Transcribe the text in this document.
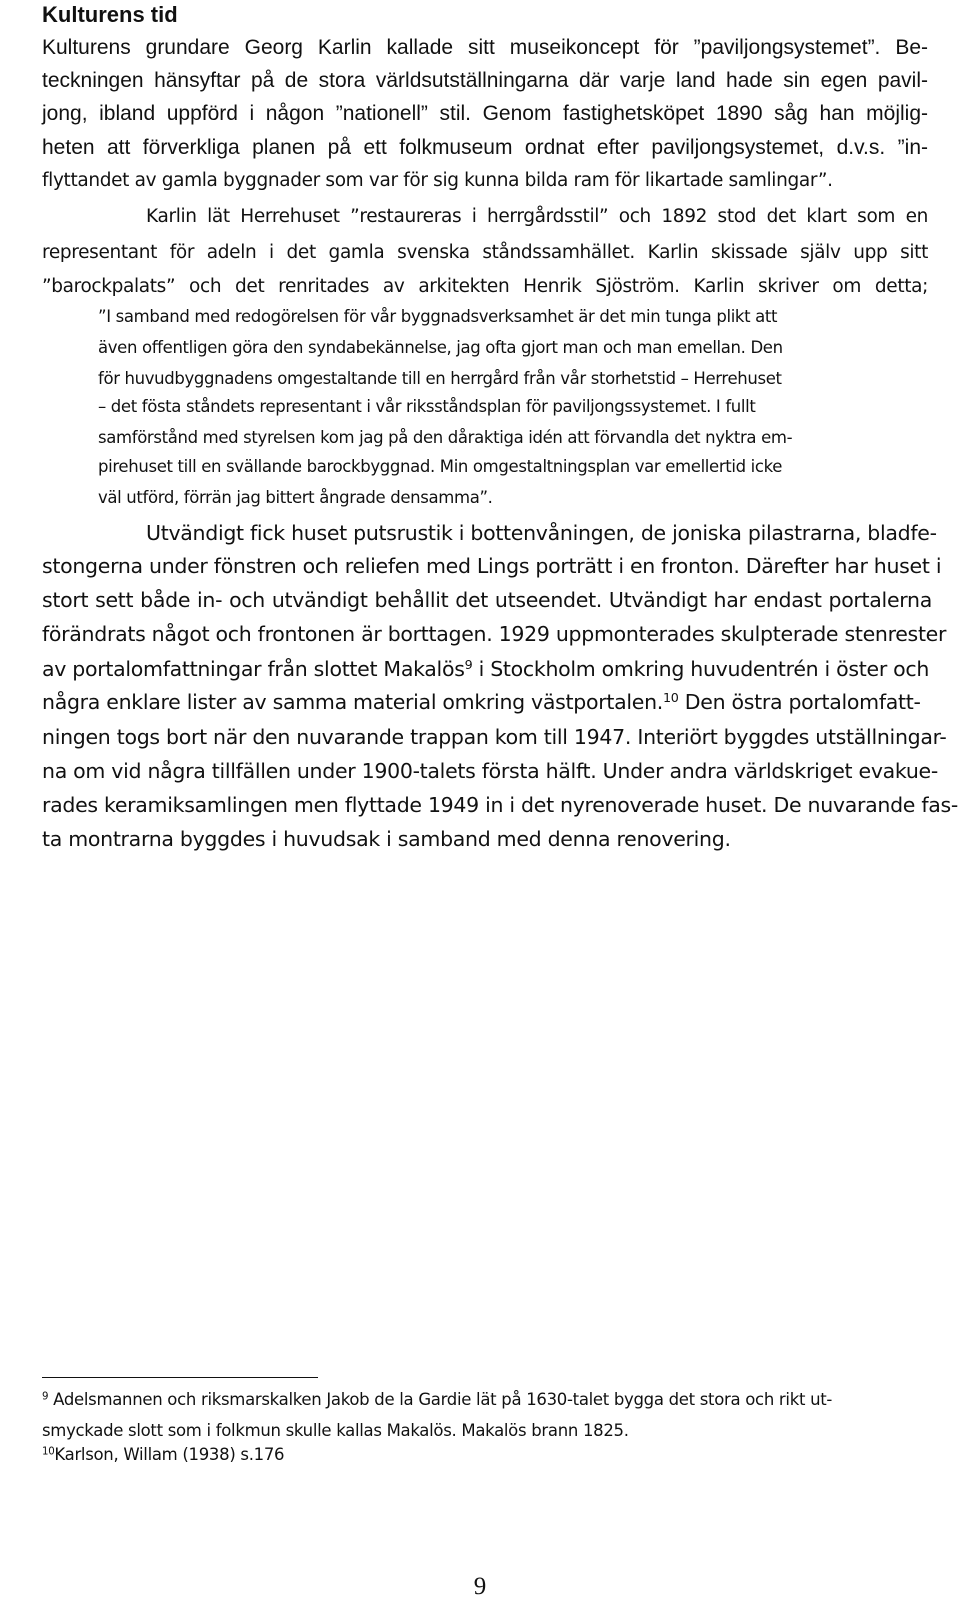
Kulturens tid
Kulturens grundare Georg Karlin kallade sitt museikoncept för ”paviljongsystemet”. Be-
teckningen hänsyftar på de stora världsutställningarna där varje land hade sin egen pavil-
jong, ibland uppförd i någon ”nationell” stil. Genom fastighetsköpet 1890 såg han möjlig-
heten att förverkliga planen på ett folkmuseum ordnat efter paviljongsystemet, d.v.s. ”in-
flyttandet av gamla byggnader som var för sig kunna bilda ram för likartade samlingar”.
Karlin lät Herrehuset ”restaureras i herrgårdsstil” och 1892 stod det klart som en
representant för adeln i det gamla svenska ståndssamhället. Karlin skissade själv upp sitt
”barockpalats” och det renritades av arkitekten Henrik Sjöström. Karlin skriver om detta;
”I samband med redogörelsen för vår byggnadsverksamhet är det min tunga plikt att
även offentligen göra den syndabekännelse, jag ofta gjort man och man emellan. Den
för huvudbyggnadens omgestaltande till en herrgård från vår storhetstid – Herrehuset
– det fösta ståndets representant i vår riksståndsplan för paviljongssystemet. I fullt
samförstånd med styrelsen kom jag på den dåraktiga idén att förvandla det nyktra em-
pirehuset till en svällande barockbyggnad. Min omgestaltningsplan var emellertid icke
väl utförd, förrän jag bittert ångrade densamma”.
Utvändigt fick huset putsrustik i bottenvåningen, de joniska pilastrarna, bladfe-
stongerna under fönstren och reliefen med Lings porträtt i en fronton. Därefter har huset i
stort sett både in- och utvändigt behållit det utseendet. Utvändigt har endast portalerna
förändrats något och frontonen är borttagen. 1929 uppmonterades skulpterade stenrester
av portalomfattningar från slottet Makalös$^9$ i Stockholm omkring huvudentrén i öster och
några enklare lister av samma material omkring västportalen.$^{10}$ Den östra portalomfatt-
ningen togs bort när den nuvarande trappan kom till 1947. Interiört byggdes utställningar-
na om vid några tillfällen under 1900-talets första hälft. Under andra världskriget evakue-
rades keramiksamlingen men flyttade 1949 in i det nyrenoverade huset. De nuvarande fas-
ta montrarna byggdes i huvudsak i samband med denna renovering.
$^9$ Adelsmannen och riksmarskalken Jakob de la Gardie lät på 1630-talet bygga det stora och rikt ut-
smyckade slott som i folkmun skulle kallas Makalös. Makalös brann 1825.
$^{10}$Karlson, Willam (1938) s.176
9
